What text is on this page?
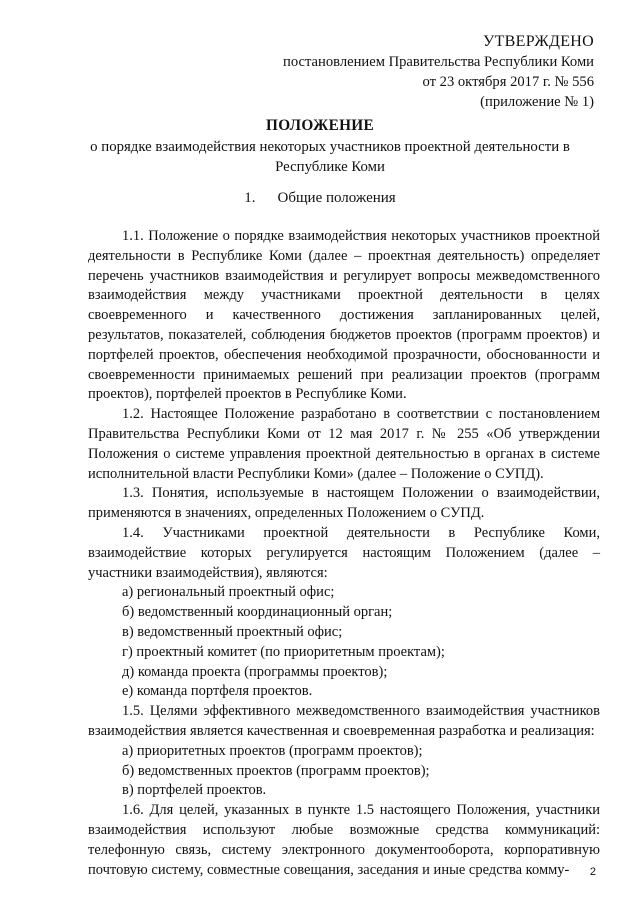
УТВЕРЖДЕНО
постановлением Правительства Республики Коми
от 23 октября 2017 г. № 556
(приложение № 1)
ПОЛОЖЕНИЕ
о порядке взаимодействия некоторых участников проектной деятельности в Республике Коми
1. Общие положения

1.1. Положение о порядке взаимодействия некоторых участников проектной деятельности в Республике Коми (далее – проектная деятельность) определяет перечень участников взаимодействия и регулирует вопросы межведомственного взаимодействия между участниками проектной деятельности в целях своевременного и качественного достижения запланированных целей, результатов, показателей, соблюдения бюджетов проектов (программ проектов) и портфелей проектов, обеспечения необходимой прозрачности, обоснованности и своевременности принимаемых решений при реализации проектов (программ проектов), портфелей проектов в Республике Коми.

1.2. Настоящее Положение разработано в соответствии с постановлением Правительства Республики Коми от 12 мая 2017 г. № 255 «Об утверждении Положения о системе управления проектной деятельностью в органах в системе исполнительной власти Республики Коми» (далее – Положение о СУПД).

1.3. Понятия, используемые в настоящем Положении о взаимодействии, применяются в значениях, определенных Положением о СУПД.

1.4. Участниками проектной деятельности в Республике Коми, взаимодействие которых регулируется настоящим Положением (далее – участники взаимодействия), являются:

а) региональный проектный офис;

б) ведомственный координационный орган;

в) ведомственный проектный офис;

г) проектный комитет (по приоритетным проектам);

д) команда проекта (программы проектов);

е) команда портфеля проектов.

1.5. Целями эффективного межведомственного взаимодействия участников взаимодействия является качественная и своевременная разработка и реализация:

а) приоритетных проектов (программ проектов);

б) ведомственных проектов (программ проектов);

в) портфелей проектов.

1.6. Для целей, указанных в пункте 1.5 настоящего Положения, участники взаимодействия используют любые возможные средства коммуникаций: телефонную связь, систему электронного документооборота, корпоративную почтовую систему, совместные совещания, заседания и иные средства комму-	2
